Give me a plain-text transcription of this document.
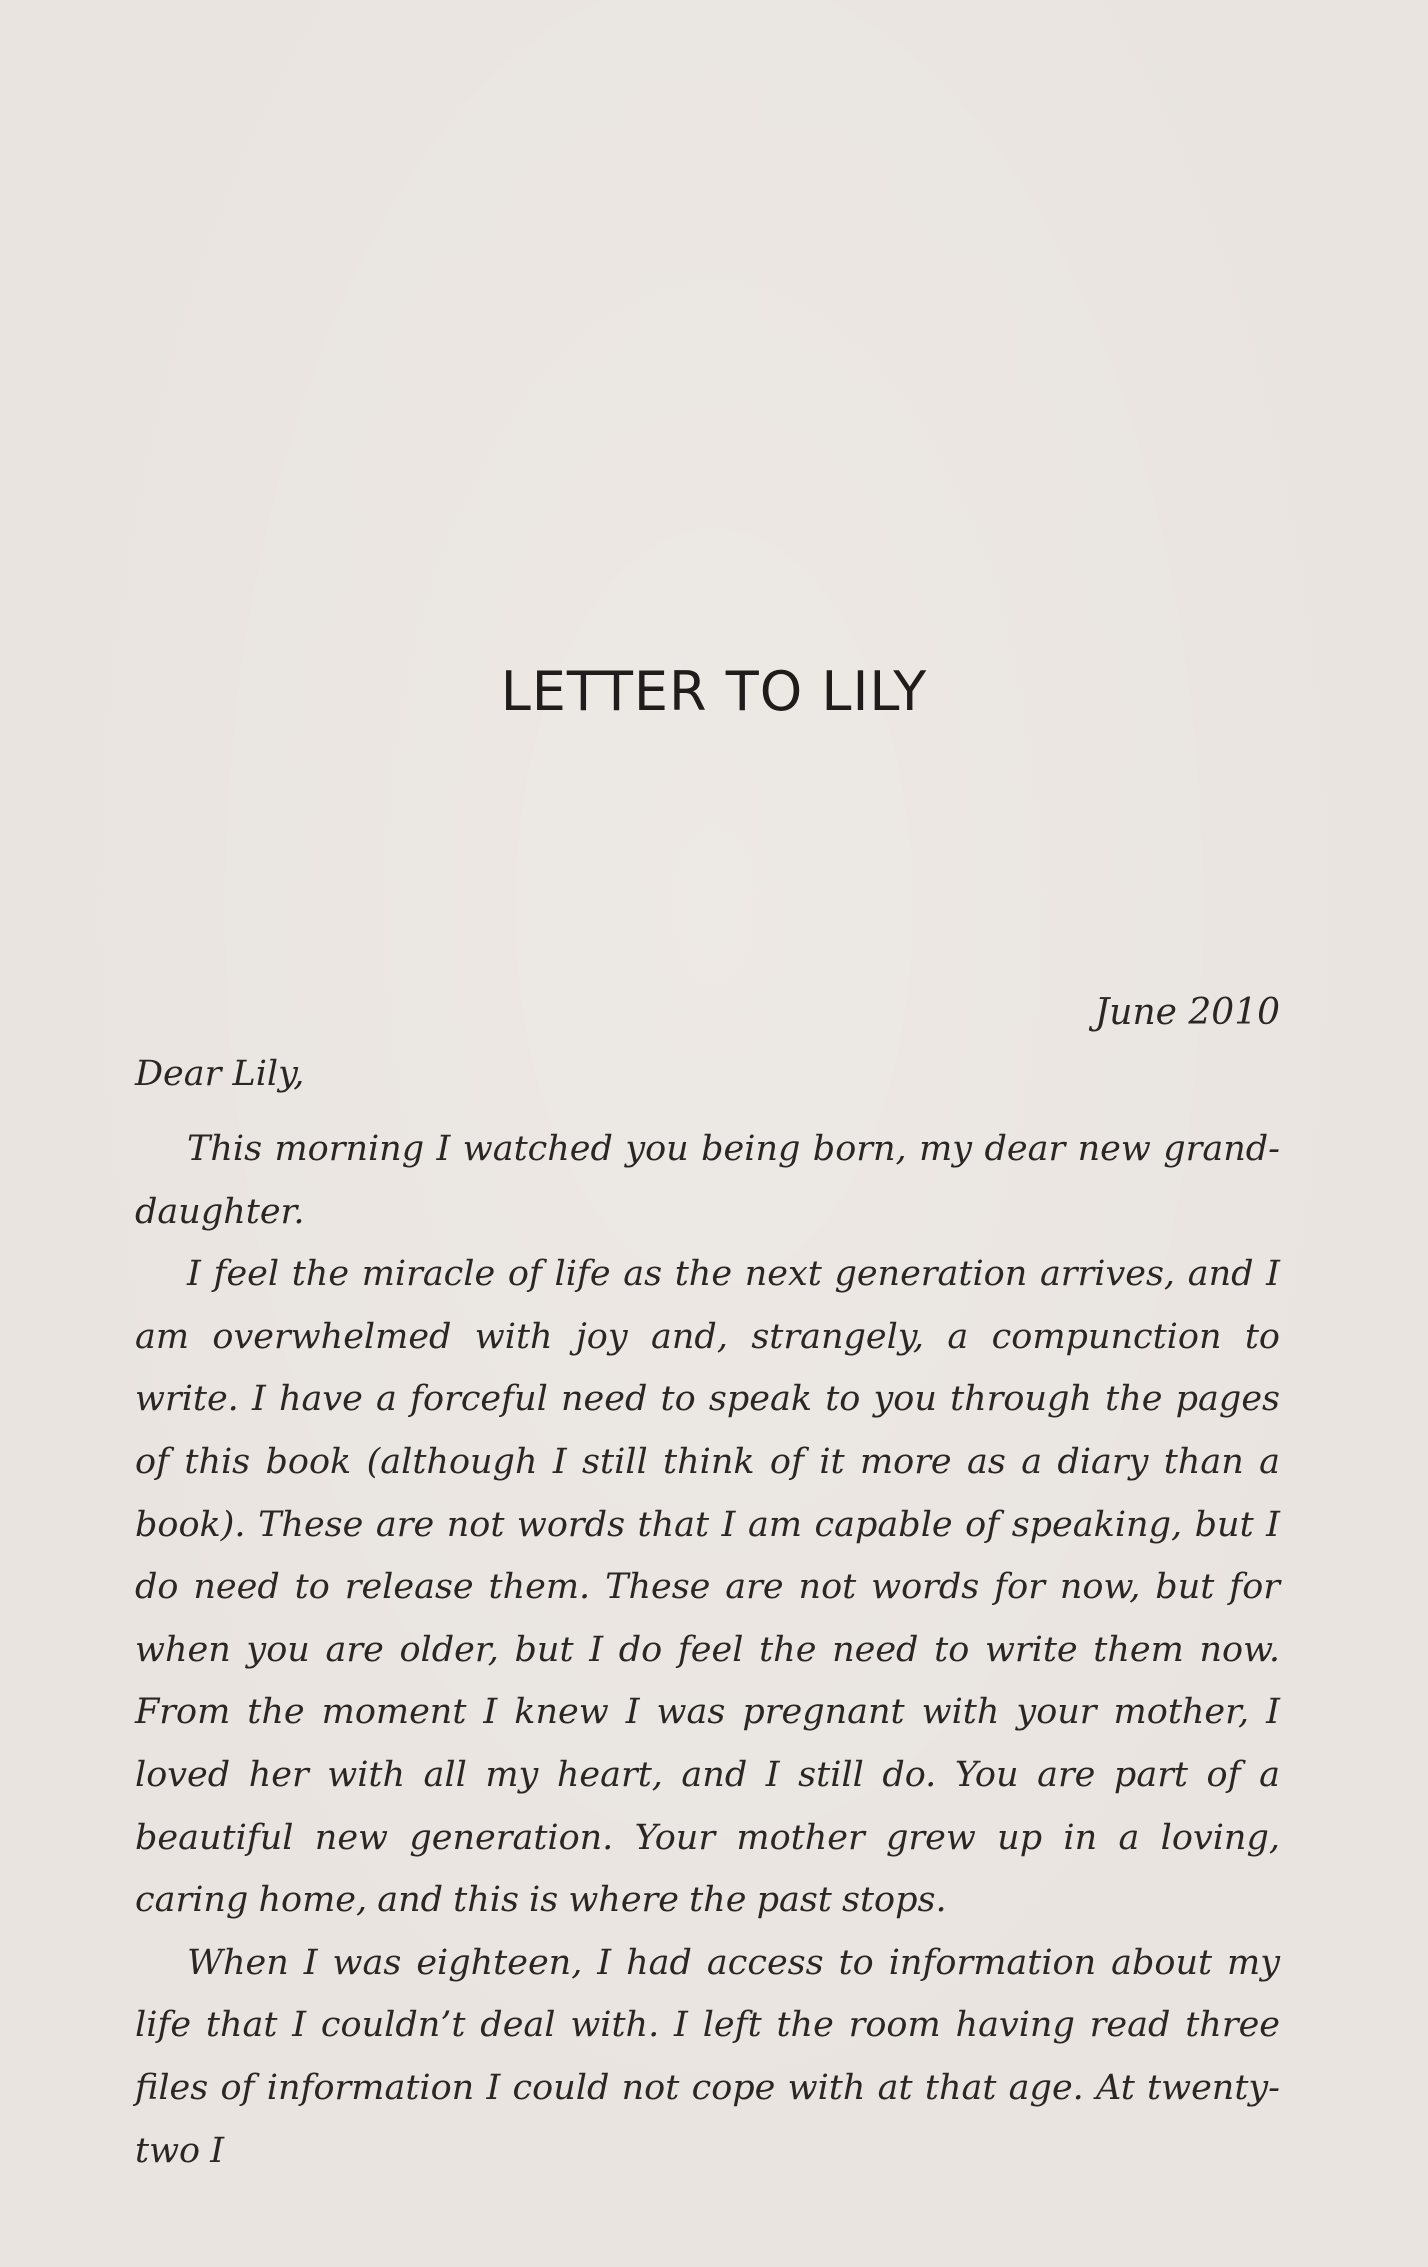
LETTER TO LILY
June 2010
Dear Lily,

This morning I watched you being born, my dear new grand-daughter.

I feel the miracle of life as the next generation arrives, and I am overwhelmed with joy and, strangely, a compunction to write. I have a forceful need to speak to you through the pages of this book (although I still think of it more as a diary than a book). These are not words that I am capable of speaking, but I do need to release them. These are not words for now, but for when you are older, but I do feel the need to write them now. From the moment I knew I was pregnant with your mother, I loved her with all my heart, and I still do. You are part of a beautiful new generation. Your mother grew up in a loving, caring home, and this is where the past stops.

When I was eighteen, I had access to information about my life that I couldn’t deal with. I left the room having read three files of information I could not cope with at that age. At twenty-two I
